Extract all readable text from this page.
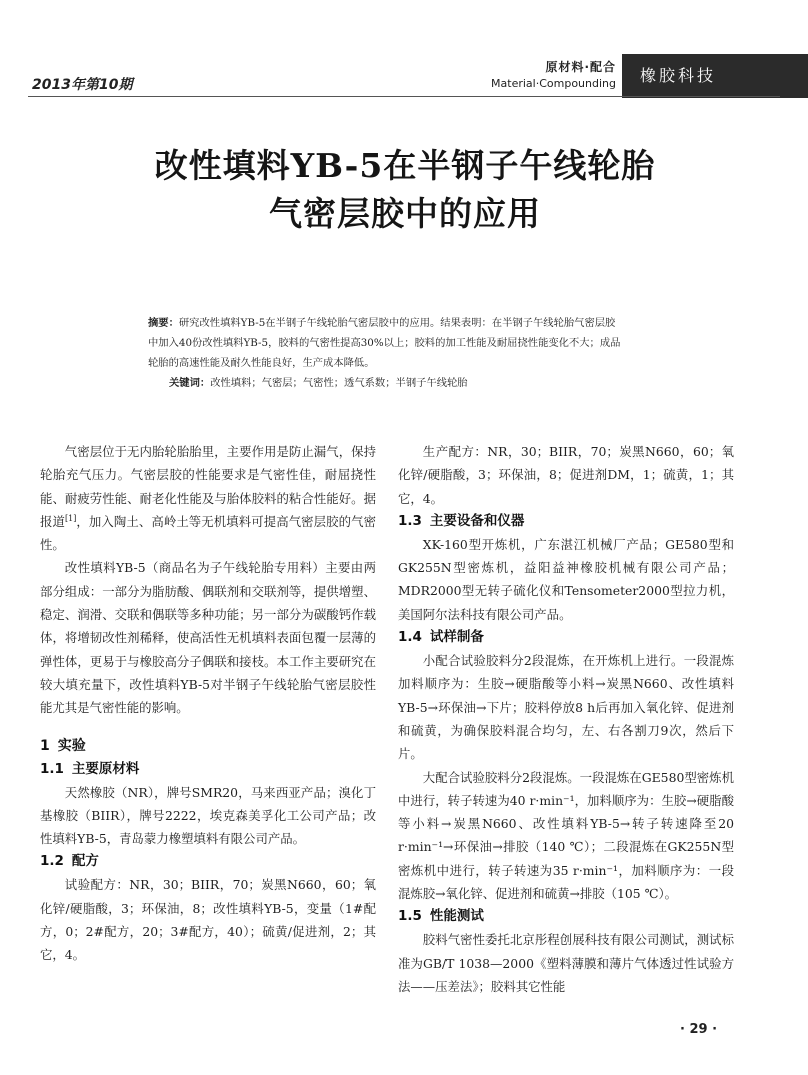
2013年第10期
原材料·配合
Material·Compounding	橡胶科技
改性填料YB-5在半钢子午线轮胎
气密层胶中的应用
摘要：研究改性填料YB-5在半钢子午线轮胎气密层胶中的应用。结果表明：在半钢子午线轮胎气密层胶中加入40份改性填料YB-5，胶料的气密性提高30%以上；胶料的加工性能及耐屈挠性能变化不大；成品轮胎的高速性能及耐久性能良好，生产成本降低。
关键词：改性填料；气密层；气密性；透气系数；半钢子午线轮胎

气密层位于无内胎轮胎胎里，主要作用是防止漏气，保持轮胎充气压力。气密层胶的性能要求是气密性佳，耐屈挠性能、耐疲劳性能、耐老化性能及与胎体胶料的粘合性能好。据报道[1]，加入陶土、高岭土等无机填料可提高气密层胶的气密性。

改性填料YB-5（商品名为子午线轮胎专用料）主要由两部分组成：一部分为脂肪酸、偶联剂和交联剂等，提供增塑、稳定、润滑、交联和偶联等多种功能；另一部分为碳酸钙作载体，将增韧改性剂稀释，使高活性无机填料表面包覆一层薄的弹性体，更易于与橡胶高分子偶联和接枝。本工作主要研究在较大填充量下，改性填料YB-5对半钢子午线轮胎气密层胶性能尤其是气密性能的影响。

1 实验
1.1 主要原材料

天然橡胶（NR），牌号SMR20，马来西亚产品；溴化丁基橡胶（BIIR），牌号2222，埃克森美孚化工公司产品；改性填料YB-5，青岛蒙力橡塑填料有限公司产品。

1.2 配方

试验配方：NR，30；BIIR，70；炭黑N660，60；氧化锌/硬脂酸，3；环保油，8；改性填料YB-5，变量（1#配方，0；2#配方，20；3#配方，40）；硫黄/促进剂，2；其它，4。

生产配方：NR，30；BIIR，70；炭黑N660，60；氧化锌/硬脂酸，3；环保油，8；促进剂DM，1；硫黄，1；其它，4。

1.3 主要设备和仪器

XK-160型开炼机，广东湛江机械厂产品；GE580型和GK255N型密炼机，益阳益神橡胶机械有限公司产品；MDR2000型无转子硫化仪和Tensometer2000型拉力机，美国阿尔法科技有限公司产品。

1.4 试样制备

小配合试验胶料分2段混炼，在开炼机上进行。一段混炼加料顺序为：生胶→硬脂酸等小料→炭黑N660、改性填料YB-5→环保油→下片；胶料停放8 h后再加入氧化锌、促进剂和硫黄，为确保胶料混合均匀，左、右各割刀9次，然后下片。

大配合试验胶料分2段混炼。一段混炼在GE580型密炼机中进行，转子转速为40 r·min⁻¹，加料顺序为：生胶→硬脂酸等小料→炭黑N660、改性填料YB-5→转子转速降至20 r·min⁻¹→环保油→排胶（140 ℃）；二段混炼在GK255N型密炼机中进行，转子转速为35 r·min⁻¹，加料顺序为：一段混炼胶→氧化锌、促进剂和硫黄→排胶（105 ℃）。

1.5 性能测试

胶料气密性委托北京彤程创展科技有限公司测试，测试标准为GB/T 1038—2000《塑料薄膜和薄片气体透过性试验方法——压差法》；胶料其它性能

· 29 ·
